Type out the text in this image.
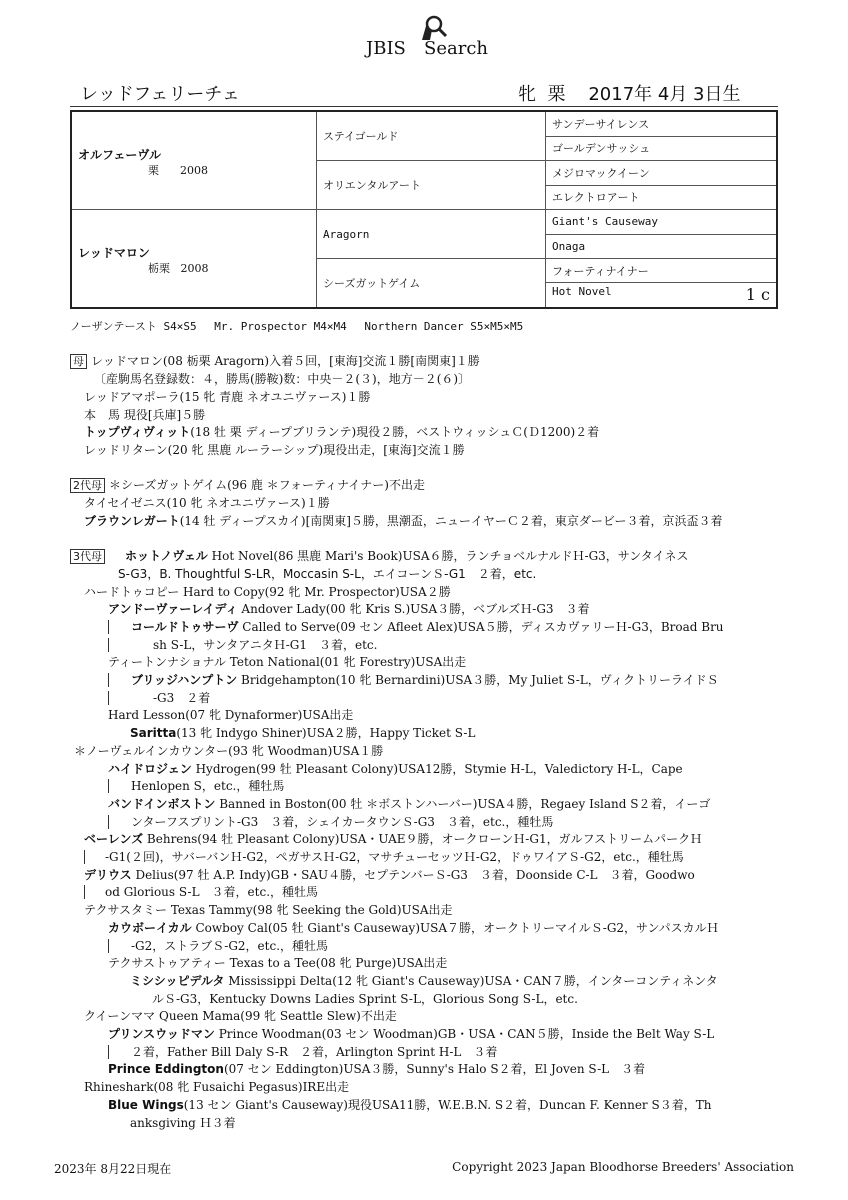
JBIS Search
レッドフェリーチェ	牝 栗 2017年 4月 3日生
オルフェーヴル
栗 2008	ステイゴールド	サンデーサイレンス
		ゴールデンサッシュ
	オリエンタルアート	メジロマックイーン
		エレクトロアート

レッドマロン
栃栗 2008	Aragorn	Giant's Causeway
		Onaga
	シーズガットゲイム	フォーティナイナー
		Hot Novel 1 c
ノーザンテースト S4×S5　 Mr. Prospector M4×M4　 Northern Dancer S5×M5×M5
母 レッドマロン(08 栃栗 Aragorn)入着５回，[東海]交流１勝[南関東]１勝
〔産駒馬名登録数：４，勝馬(勝鞍)数：中央－２(３)，地方－２(６)〕
レッドアマポーラ(15 牝 青鹿 ネオユニヴァース)１勝
本　馬 現役[兵庫]５勝
トップヴィヴィット(18 牡 栗 ディープブリランテ)現役２勝，ベストウィッシュＣ(Ｄ1200)２着
レッドリターン(20 牝 黒鹿 ルーラーシップ)現役出走，[東海]交流１勝
2代母 ＊シーズガットゲイム(96 鹿 ＊フォーティナイナー)不出走
タイセイゼニス(10 牝 ネオユニヴァース)１勝
ブラウンレガート(14 牡 ディープスカイ)[南関東]５勝，黒潮盃，ニューイヤーＣ２着，東京ダービー３着，京浜盃３着
3代母 ホットノヴェル Hot Novel(86 黒鹿 Mari's Book)USA６勝，ランチョベルナルドＨ-G3，サンタイネス
S-G3，B. Thoughtful S-LR，Moccasin S-L，エイコーンＳ-G1　２着，etc.
ハードトゥコピー Hard to Copy(92 牝 Mr. Prospector)USA２勝
アンドーヴァーレイディ Andover Lady(00 牝 Kris S.)USA３勝，ベブルズＨ-G3　３着
コールドトゥサーヴ Called to Serve(09 セン Afleet Alex)USA５勝，ディスカヴァリーＨ-G3，Broad Bru
sh S-L，サンタアニタＨ-G1　３着，etc.
ティートンナショナル Teton National(01 牝 Forestry)USA出走
ブリッジハンプトン Bridgehampton(10 牝 Bernardini)USA３勝，My Juliet S-L，ヴィクトリーライドＳ
-G3　２着
Hard Lesson(07 牝 Dynaformer)USA出走
Saritta(13 牝 Indygo Shiner)USA２勝，Happy Ticket S-L
＊ノーヴェルインカウンター(93 牝 Woodman)USA１勝
ハイドロジェン Hydrogen(99 牡 Pleasant Colony)USA12勝，Stymie H-L，Valedictory H-L，Cape
Henlopen S，etc.，種牡馬
バンドインボストン Banned in Boston(00 牡 ＊ボストンハーバー)USA４勝，Regaey Island S２着，イーゴ
ンターフスプリント-G3　３着，シェイカータウンＳ-G3　３着，etc.，種牡馬
ベーレンズ Behrens(94 牡 Pleasant Colony)USA・UAE９勝，オークローンＨ-G1，ガルフストリームパークＨ
-G1(２回)，サバーバンＨ-G2，ペガサスＨ-G2，マサチューセッツＨ-G2，ドゥワイアＳ-G2，etc.，種牡馬
デリウス Delius(97 牡 A.P. Indy)GB・SAU４勝，セプテンバーＳ-G3　３着，Doonside C-L　３着，Goodwo
od Glorious S-L　３着，etc.，種牡馬
テクサスタミー Texas Tammy(98 牝 Seeking the Gold)USA出走
カウボーイカル Cowboy Cal(05 牡 Giant's Causeway)USA７勝，オークトリーマイルＳ-G2，サンパスカルＨ
-G2，ストラブＳ-G2，etc.，種牡馬
テクサストゥアティー Texas to a Tee(08 牝 Purge)USA出走
ミシシッピデルタ Mississippi Delta(12 牝 Giant's Causeway)USA・CAN７勝，インターコンティネンタ
ルＳ-G3，Kentucky Downs Ladies Sprint S-L，Glorious Song S-L，etc.
クイーンママ Queen Mama(99 牝 Seattle Slew)不出走
プリンスウッドマン Prince Woodman(03 セン Woodman)GB・USA・CAN５勝，Inside the Belt Way S-L
２着，Father Bill Daly S-R　２着，Arlington Sprint H-L　３着
Prince Eddington(07 セン Eddington)USA３勝，Sunny's Halo S２着，El Joven S-L　３着
Rhineshark(08 牝 Fusaichi Pegasus)IRE出走
Blue Wings(13 セン Giant's Causeway)現役USA11勝，W.E.B.N. S２着，Duncan F. Kenner S３着，Th
anksgiving Ｈ３着
2023年 8月22日現在	Copyright 2023 Japan Bloodhorse Breeders' Association
